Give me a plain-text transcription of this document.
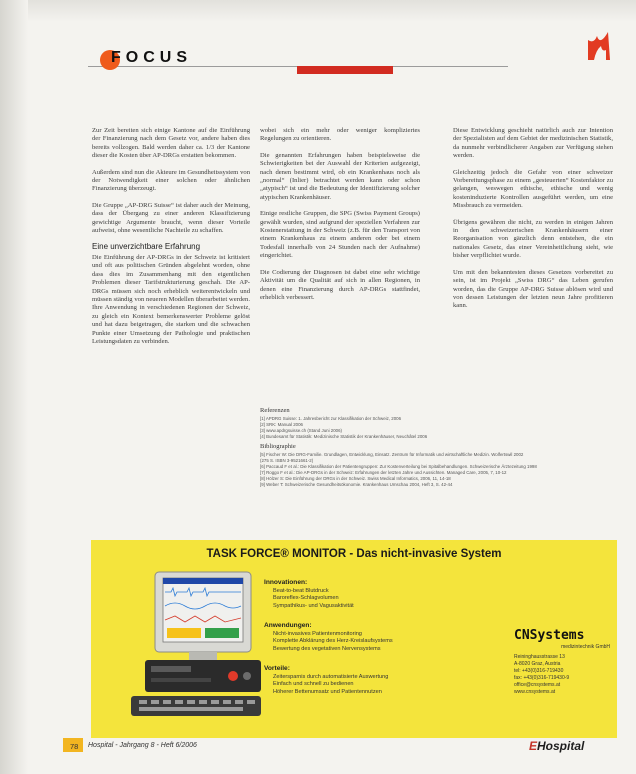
FOCUS

Zur Zeit bereiten sich einige Kantone auf die Einführung der Finanzierung nach dem Gesetz vor, andere haben dies bereits vollzogen. Bald werden daher ca. 1/3 der Kantone dieser die Kosten über AP-DRGs erstatten bekommen.

Außerdem sind nun die Akteure im Gesundheitssystem von der Notwendigkeit einer solchen oder ähnlichen Finanzierung überzeugt.

Die Gruppe „AP-DRG Suisse“ ist daher auch der Meinung, dass der Übergang zu einer anderen Klassifizierung gewichtige Argumente braucht, wenn dieser Vorteile aufweist, ohne wesentliche Nachteile zu schaffen.

Eine unverzichtbare Erfahrung

Die Einführung der AP-DRGs in der Schweiz ist kritisiert und oft aus politischen Gründen abgelehnt worden, ohne dass dies im Zusammenhang mit den eigentlichen Problemen dieser Tarifstrukturierung geschah. Die AP-DRGs müssen sich noch erheblich weiterentwickeln und müssen ständig von neueren Modellen überarbeitet werden. Ihre Anwendung in verschiedenen Regionen der Schweiz, zu gleich ein Kontext bemerkenswerter Probleme gelöst und hat dazu beigetragen, die starken und die schwachen Punkte einer Umsetzung der Pathologie und praktischen Leistungsdaten zu verbinden.

wobei sich ein mehr oder weniger kompliziertes Regelungen zu orientieren.

Die genannten Erfahrungen haben beispielsweise die Schwierigkeiten bei der Auswahl der Kriterien aufgezeigt, nach denen bestimmt wird, ob ein Krankenhaus noch als „normal“ (Inlier) betrachtet werden kann oder schon „atypisch“ ist und die Bedeutung der Identifizierung solcher atypischen Krankenhäuser.

Einige restliche Gruppen, die SPG (Swiss Payment Groups) gewählt wurden, sind aufgrund der speziellen Verfahren zur Kostenerstattung in der Schweiz (z.B. für den Transport von einem Krankenhaus zu einem anderen oder bei einem Todesfall innerhalb von 24 Stunden nach der Aufnahme) eingerichtet.

Die Codierung der Diagnosen ist dabei eine sehr wichtige Aktivität um die Qualität auf sich in allen Regionen, in denen eine Finanzierung durch AP-DRGs stattfindet, erheblich verbessert.

Diese Entwicklung geschieht natürlich auch zur Intention der Spezialisten auf dem Gebiet der medizinischen Statistik, da nunmehr verbindlicherer Angaben zur Verfügung stehen werden.

Gleichzeitig jedoch die Gefahr von einer schweizer Vorbereitungsphase zu einem „gesteuerten“ Kostenfaktor zu gelangen, weswegen ethische, ethische und wenig kosteninduzierte Kontrollen ausgeführt werden, um eine Missbrauch zu vermeiden.

Übrigens gewähren die nicht, zu werden in einigen Jahren in den schweizerischen Krankenhäusern einer Reorganisation von gänzlich denn entstehen, die ein nationales Gesetz, das einer Vereinheitlichung sieht, wie bisher verpflichtet wurde.

Um mit den bekanntesten dieses Gesetzes vorbereitet zu sein, ist im Projekt „Swiss DRG“ das Leben gerufen worden, das die Gruppe AP-DRG Suisse ablösen wird und von dessen Leistungen der letzten neun Jahre profitieren kann.

Referenzen
[1] APDRG Suisse: 1. Jahresbericht zur Klassifikation der Schweiz, 2006
[2] SRK: Manual 2006
[3] www.apdrgsuisse.ch (Stand Juni 2006)
[4] Bundesamt für Statistik: Medizinische Statistik der Krankenhäuser, Neuchâtel 2006
Bibliographie
[5] Fischer W: Die DRG-Familie. Grundlagen, Entwicklung, Einsatz. Zentrum für Informatik und wirtschaftliche Medizin. Wolfertswil 2002
(275 S. ISBN 3-9521661-2)
[6] Paccaud F et al.: Die Klassifikation der Patientengruppen: Zur Kostenverteilung bei Spitalbehandlungen. Schweizerische Ärztezeitung 1998
[7] Roggo F et al.: Die AP-DRGs in der Schweiz: Erfahrungen der letzten Jahre und Aussichten. Managed Care, 2005, 7, 10-12
[8] Hölzer S: Die Einführung der DRGs in der Schweiz. Swiss Medical Informatics, 2006, 11, 14-18
[9] Weber T: Schweizerische Gesundheitsökonomie. Krankenhaus Umschau 2004, Heft 3, S. 42-44
TASK FORCE® MONITOR - Das nicht-invasive System
Innovationen:
Beat-to-beat Blutdruck
Baroreflex-Schlagvolumen
Sympathikus- und Vagusaktivität
Anwendungen:
Nicht-invasives Patientenmonitoring
Komplette Abklärung des Herz-Kreislaufsystems
Bewertung des vegetativen Nervensystems
Vorteile:
Zeitersparnis durch automatisierte Auswertung
Einfach und schnell zu bedienen
Höherer Bettenumsatz und Patientennutzen
CNSystems
medizintechnik GmbH
Reininghausstrasse 13
A-8020 Graz, Austria
tel: +43(0)316-719430
fax: +43(0)316-719430-9
office@cnsystems.at
www.cnsystems.at
78 Hospital - Jahrgang 8 - Heft 6/2006	EHospital
